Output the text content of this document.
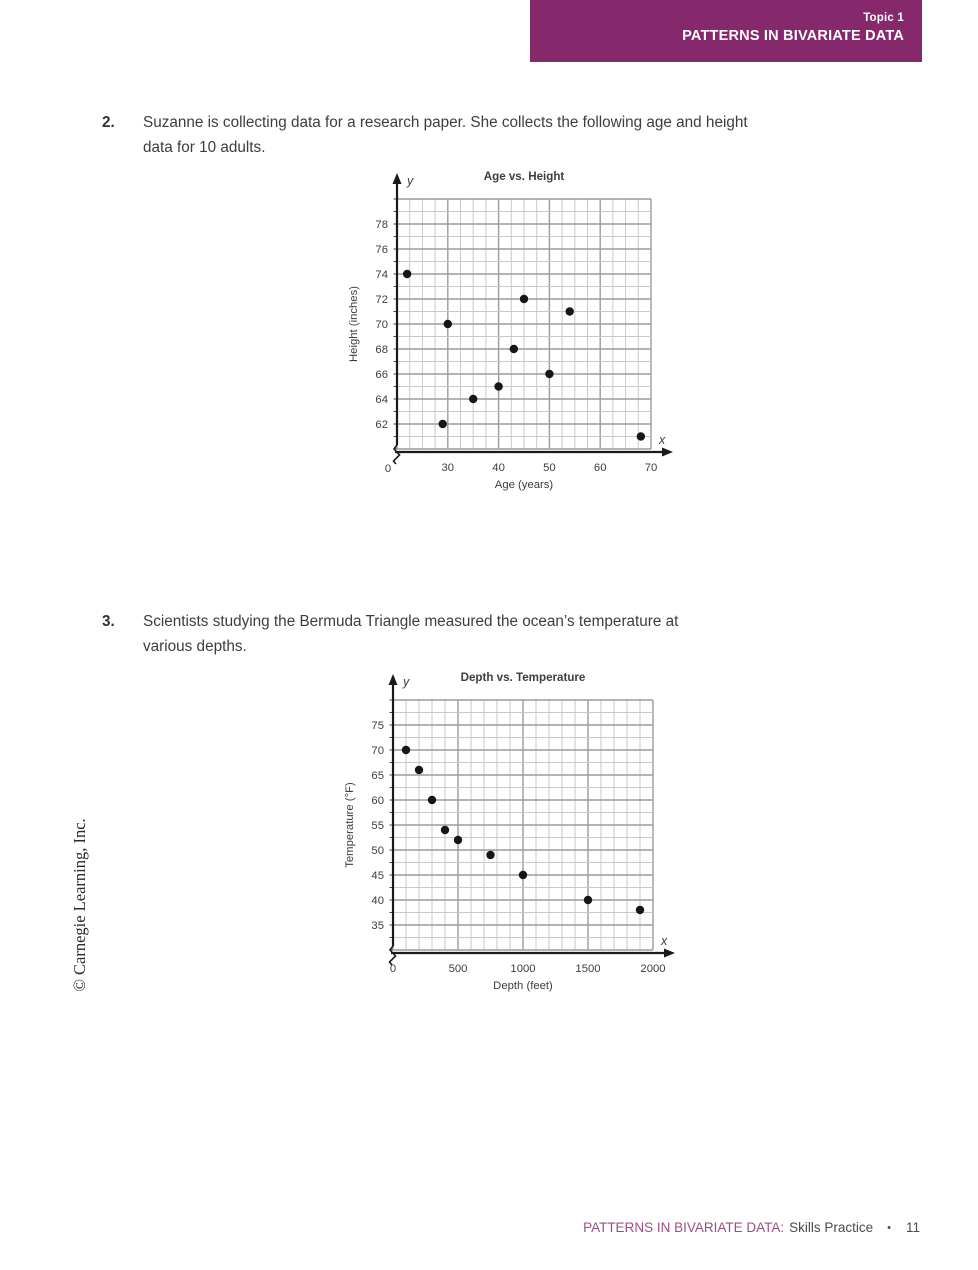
Topic 1
PATTERNS IN BIVARIATE DATA
2.	Suzanne is collecting data for a research paper. She collects the following age and height
data for 10 adults.
y
x
62
64
66
68
70
72
74
76
78
30	40	50	60	70
0
Age vs. Height
Age (years)
Height (inches)
3.	Scientists studying the Bermuda Triangle measured the ocean’s temperature at
various depths.
y
x
35
40
45
50
55
60
65
70
75
0	500	1000	1500	2000
Depth vs. Temperature
Depth (feet)
Temperature (°F)
© Carnegie Learning, Inc.
PATTERNS IN BIVARIATE DATA: Skills Practice • 11
